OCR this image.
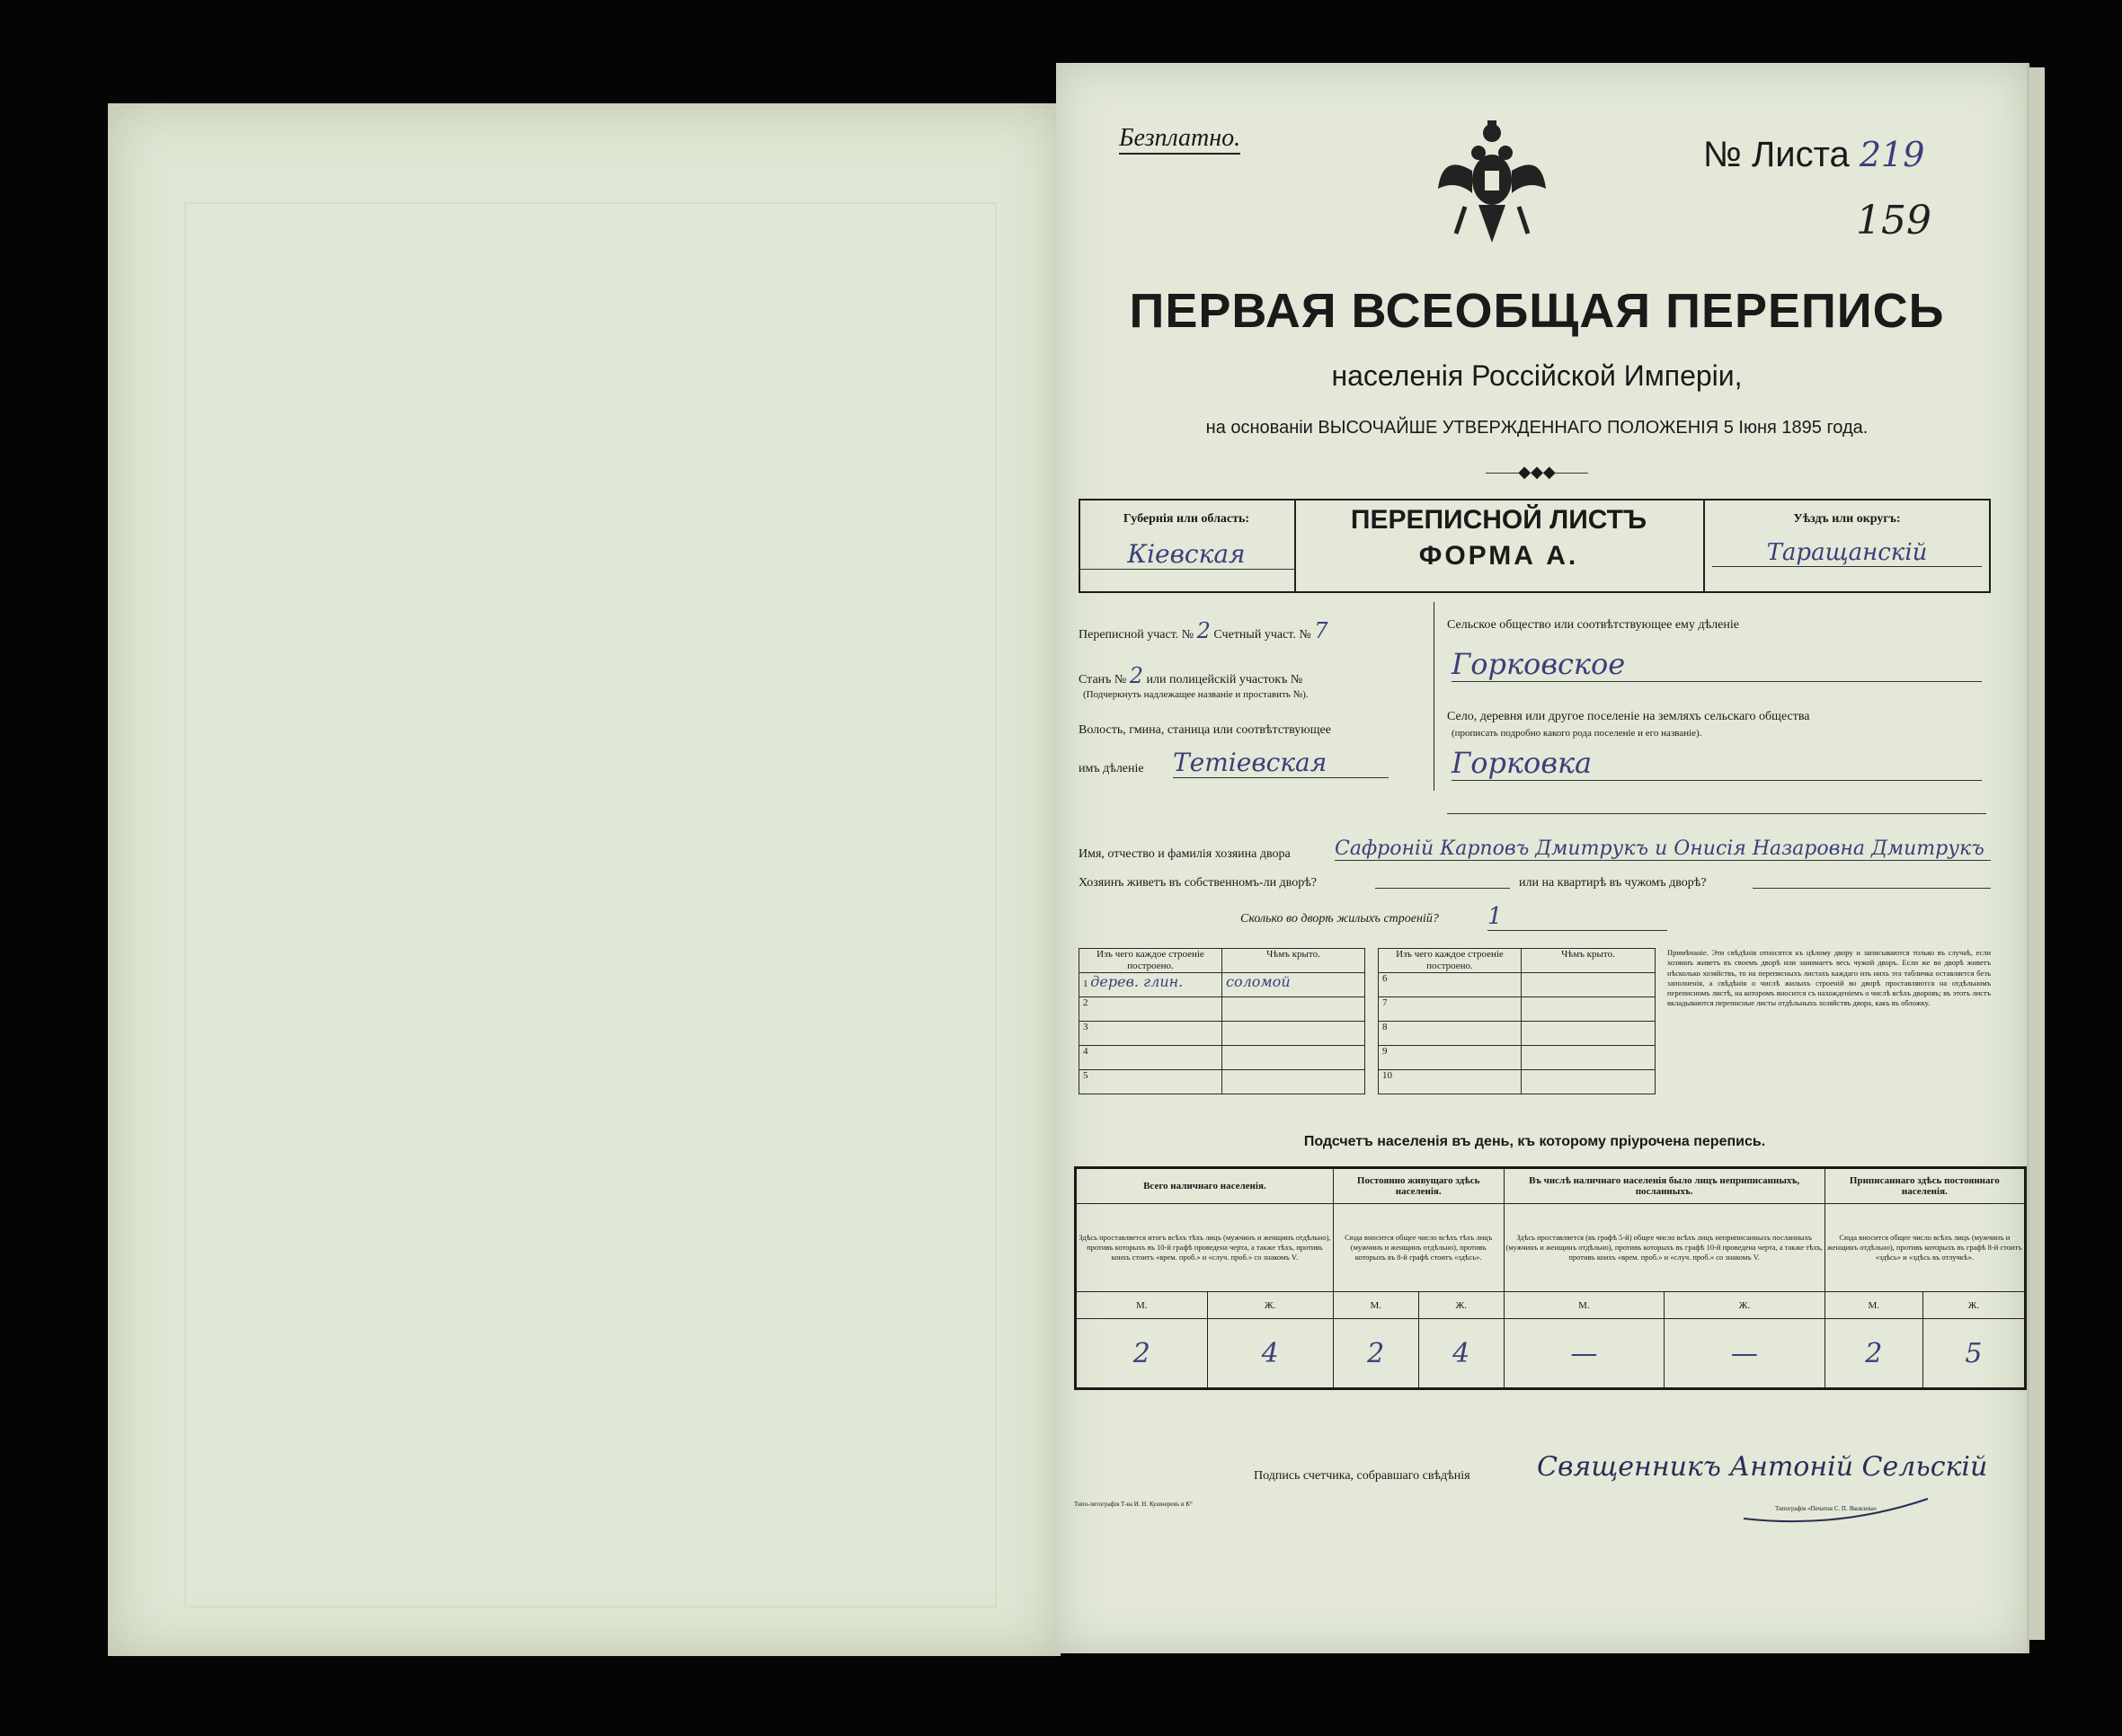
Безплатно.	№ Листа 219
159
ПЕРВАЯ ВСЕОБЩАЯ ПЕРЕПИСЬ
населенія Россійской Имперіи,
на основаніи ВЫСОЧАЙШЕ УТВЕРЖДЕННАГО ПОЛОЖЕНІЯ 5 Іюня 1895 года.
——◆◆◆——
Губернія или область:
Кіевская
ПЕРЕПИСНОЙ ЛИСТЪ
ФОРМА А.
Уѣздъ или округъ:
Таращанскій
Переписной участ. № 2 Счетный участ. № 7
Станъ № 2 или полицейскій участокъ №
(Подчеркнуть надлежащее названіе и проставить №).
Волость, гмина, станица или соотвѣтствующее
имъ дѣленіе Тетіевская
Сельское общество или соотвѣтствующее ему дѣленіе
Горковское
Село, деревня или другое поселеніе на земляхъ сельскаго общества
(прописать подробно какого рода поселеніе и его названіе).
Горковка
Имя, отчество и фамилія хозяина двора Сафроній Карповъ Дмитрукъ и Онисія Назаровна Дмитрукъ
Хозяинъ живетъ въ собственномъ-ли дворѣ?	или на квартирѣ въ чужомъ дворѣ?
Сколько во дворѣ жилыхъ строеній? 1
Изъ чего каждое строеніе построено.	Чѣмъ крыто.		Изъ чего каждое строеніе построено.	Чѣмъ крыто.
1 дерев. глин.	соломой		6	
2			7	
3			8	
4			9	
5			10	
Примѣчаніе. Эти свѣдѣнія относятся къ цѣлому двору и записываются только въ случаѣ, если хозяинъ живетъ въ своемъ дворѣ или занимаетъ весь чужой дворъ. Если же во дворѣ живетъ нѣсколько хозяйствъ, то на переписныхъ листахъ каждаго изъ нихъ эта табличка оставляется безъ заполненія, а свѣдѣнія о числѣ жилыхъ строеній во дворѣ проставляются на отдѣльномъ переписномъ листѣ, на которомъ вносится съ нахожденіемъ о числѣ всѣхъ дворовъ; въ этотъ листъ вкладываются переписные листы отдѣльныхъ хозяйствъ двора, какъ въ обложку.
Подсчетъ населенія въ день, къ которому пріурочена перепись.
Всего наличнаго населенія.		Постоянно живущаго здѣсь населенія.		Въ числѣ наличнаго населенія было лицъ неприписанныхъ, посланныхъ.		Приписаннаго здѣсь постояннаго населенія.	
Здѣсь проставляется итогъ всѣхъ тѣхъ лицъ (мужчинъ и женщинъ отдѣльно), противъ которыхъ въ 10-й графѣ проведена черта, а также тѣхъ, противъ коихъ стоитъ «врем. проб.» и «случ. проб.» со знакомъ V.		Сюда вносится общее число всѣхъ тѣхъ лицъ (мужчинъ и женщинъ отдѣльно), противъ которыхъ въ 8-й графѣ стоитъ «здѣсь».		Здѣсь проставляется (въ графѣ 5-й) общее число всѣхъ лицъ неприписанныхъ посланныхъ (мужчинъ и женщинъ отдѣльно), противъ которыхъ въ графѣ 10-й проведена черта, а также тѣхъ, противъ коихъ «врем. проб.» и «случ. проб.» со знакомъ V.		Сюда вносится общее число всѣхъ лицъ (мужчинъ и женщинъ отдѣльно), противъ которыхъ въ графѣ 8-й стоитъ «здѣсь» и «здѣсь въ отлучкѣ».	
М.	Ж.	М.	Ж.	М.	Ж.	М.	Ж.
2	4	2	4	—	—	2	5
Подпись счетчика, собравшаго свѣдѣнія Священникъ Антоній Сельскій
Типо-литографія Т-ва И. Н. Кушнеревъ и К°
Типографія «Печатня С. П. Яковлева»
